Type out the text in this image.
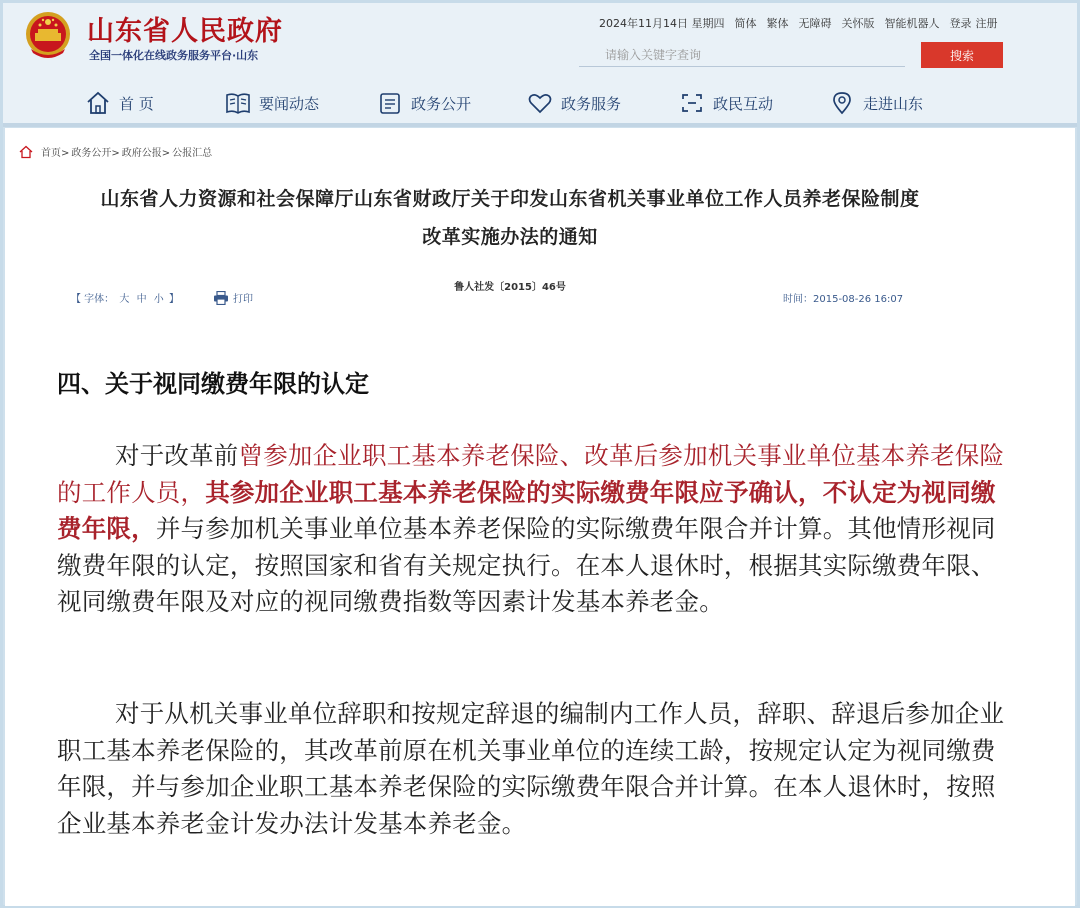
山东省人民政府
全国一体化在线政务服务平台·山东
2024年11月14日 星期四 简体 繁体 无障碍 关怀版 智能机器人 登录 注册
请输入关键字查询
搜索
首 页	要闻动态	政务公开	政务服务	政民互动	走进山东
首页> 政务公开> 政府公报> 公报汇总
山东省人力资源和社会保障厅山东省财政厅关于印发山东省机关事业单位工作人员养老保险制度
改革实施办法的通知
鲁人社发〔2015〕46号
【 字体： 大 中 小 】	打印	时间：2015-08-26 16:07
四、关于视同缴费年限的认定
对于改革前曾参加企业职工基本养老保险、改革后参加机关事业单位基本养老保险的工作人员，其参加企业职工基本养老保险的实际缴费年限应予确认，不认定为视同缴费年限，并与参加机关事业单位基本养老保险的实际缴费年限合并计算。其他情形视同缴费年限的认定，按照国家和省有关规定执行。在本人退休时，根据其实际缴费年限、视同缴费年限及对应的视同缴费指数等因素计发基本养老金。
对于从机关事业单位辞职和按规定辞退的编制内工作人员，辞职、辞退后参加企业职工基本养老保险的，其改革前原在机关事业单位的连续工龄，按规定认定为视同缴费年限，并与参加企业职工基本养老保险的实际缴费年限合并计算。在本人退休时，按照企业基本养老金计发办法计发基本养老金。
